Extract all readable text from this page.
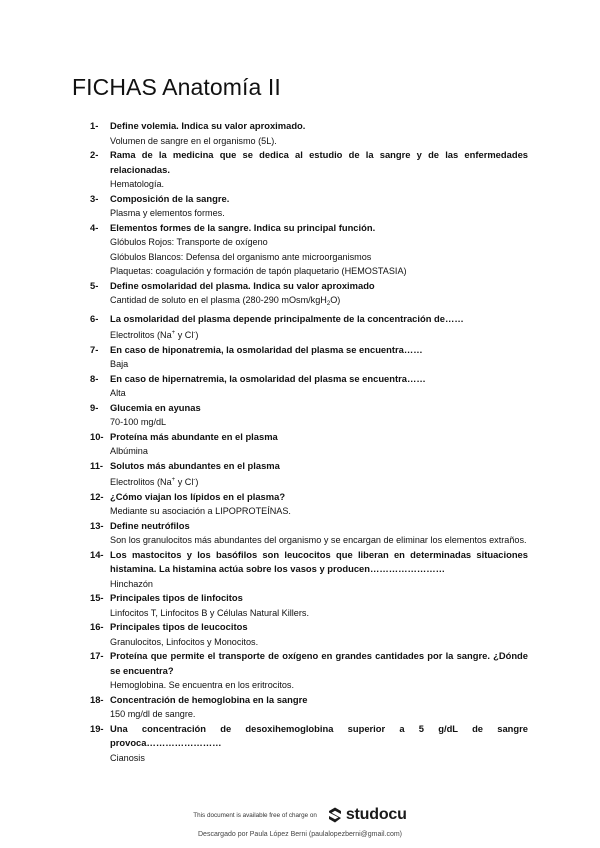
FICHAS Anatomía II
1- Define volemia. Indica su valor aproximado.
Volumen de sangre en el organismo (5L).
2- Rama de la medicina que se dedica al estudio de la sangre y de las enfermedades relacionadas.
Hematología.
3- Composición de la sangre.
Plasma y elementos formes.
4- Elementos formes de la sangre. Indica su principal función.
Glóbulos Rojos: Transporte de oxígeno
Glóbulos Blancos: Defensa del organismo ante microorganismos
Plaquetas: coagulación y formación de tapón plaquetario (HEMOSTASIA)
5- Define osmolaridad del plasma. Indica su valor aproximado
Cantidad de soluto en el plasma (280-290 mOsm/kgH$_2$O)
6- La osmolaridad del plasma depende principalmente de la concentración de……
Electrolitos (Na+ y Cl-)
7- En caso de hiponatremia, la osmolaridad del plasma se encuentra……
Baja
8- En caso de hipernatremia, la osmolaridad del plasma se encuentra……
Alta
9- Glucemia en ayunas
70-100 mg/dL
10- Proteína más abundante en el plasma
Albúmina
11- Solutos más abundantes en el plasma
Electrolitos (Na+ y Cl-)
12- ¿Cómo viajan los lípidos en el plasma?
Mediante su asociación a LIPOPROTEÍNAS.
13- Define neutrófilos
Son los granulocitos más abundantes del organismo y se encargan de eliminar los elementos extraños.
14- Los mastocitos y los basófilos son leucocitos que liberan en determinadas situaciones histamina. La histamina actúa sobre los vasos y producen……………………
Hinchazón
15- Principales tipos de linfocitos
Linfocitos T, Linfocitos B y Células Natural Killers.
16- Principales tipos de leucocitos
Granulocitos, Linfocitos y Monocitos.
17- Proteína que permite el transporte de oxígeno en grandes cantidades por la sangre. ¿Dónde se encuentra?
Hemoglobina. Se encuentra en los eritrocitos.
18- Concentración de hemoglobina en la sangre
150 mg/dl de sangre.
19- Una concentración de desoxihemoglobina superior a 5 g/dL de sangre provoca……………………
Cianosis
This document is available free of charge on studocu
Descargado por Paula López Berni (paulalopezberni@gmail.com)
